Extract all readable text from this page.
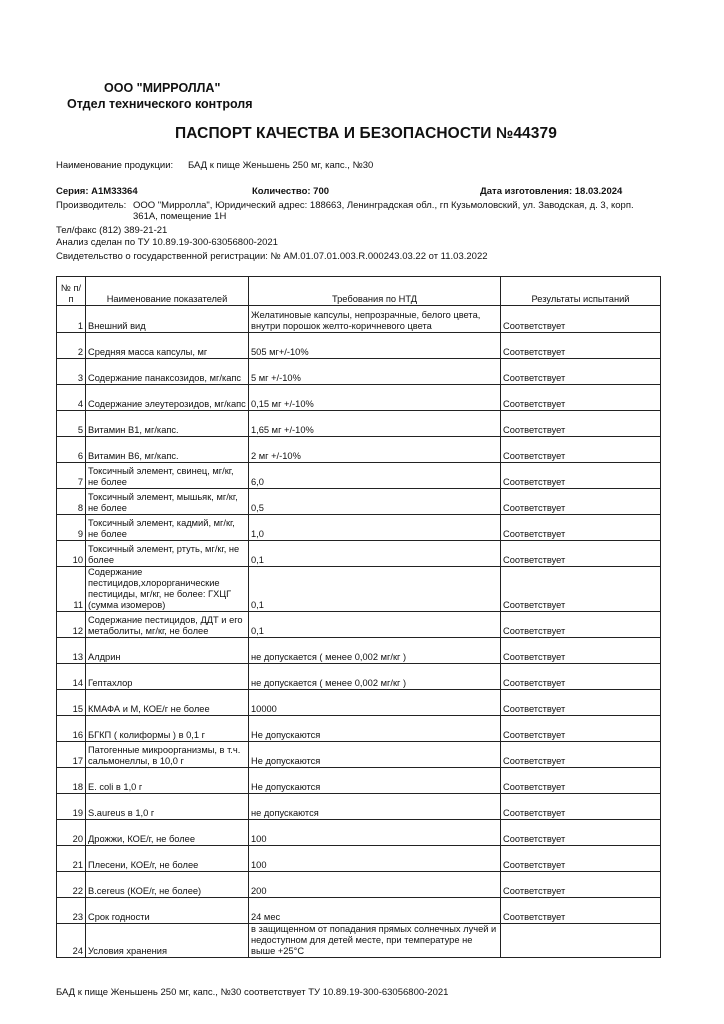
ООО "МИРРОЛЛА"
Отдел технического контроля
ПАСПОРТ КАЧЕСТВА И БЕЗОПАСНОСТИ №44379
Наименование продукции: БАД к пище Женьшень 250 мг, капс., №30
Серия: А1М33364	Количество: 700	Дата изготовления: 18.03.2024
Производитель: ООО "Мирролла", Юридический адрес: 188663, Ленинградская обл., гп Кузьмоловский, ул. Заводская, д. 3, корп.
361А, помещение 1Н
Тел/факс (812) 389-21-21
Анализ сделан по ТУ 10.89.19-300-63056800-2021
Свидетельство о государственной регистрации: № AM.01.07.01.003.R.000243.03.22 от 11.03.2022
№ п/п	Наименование показателей	Требования по НТД	Результаты испытаний
1	Внешний вид	Желатиновые капсулы, непрозрачные, белого цвета, внутри порошок желто-коричневого цвета	Соответствует
2	Средняя масса капсулы, мг	505 мг+/-10%	Соответствует
3	Содержание панаксозидов, мг/капс	5 мг +/-10%	Соответствует
4	Содержание элеутерозидов, мг/капс	0,15 мг +/-10%	Соответствует
5	Витамин В1, мг/капс.	1,65 мг +/-10%	Соответствует
6	Витамин В6, мг/капс.	2 мг +/-10%	Соответствует
7	Токсичный элемент, свинец, мг/кг, не более	6,0	Соответствует
8	Токсичный элемент, мышьяк, мг/кг, не более	0,5	Соответствует
9	Токсичный элемент, кадмий, мг/кг, не более	1,0	Соответствует
10	Токсичный элемент, ртуть, мг/кг, не более	0,1	Соответствует
11	Содержание пестицидов,хлорорганические пестициды, мг/кг, не более: ГХЦГ (сумма изомеров)	0,1	Соответствует
12	Содержание пестицидов, ДДТ и его метаболиты, мг/кг, не более	0,1	Соответствует
13	Алдрин	не допускается ( менее 0,002 мг/кг )	Соответствует
14	Гептахлор	не допускается ( менее 0,002 мг/кг )	Соответствует
15	КМАФА и М, КОЕ/г не более	10000	Соответствует
16	БГКП ( колиформы ) в 0,1 г	Не допускаются	Соответствует
17	Патогенные микроорганизмы, в т.ч. сальмонеллы, в 10,0 г	Не допускаются	Соответствует
18	E. coli в 1,0 г	Не допускаются	Соответствует
19	S.aureus в 1,0 г	не допускаются	Соответствует
20	Дрожжи, КОЕ/г, не более	100	Соответствует
21	Плесени, КОЕ/г, не более	100	Соответствует
22	B.cereus (КОЕ/г, не более)	200	Соответствует
23	Срок годности	24 мес	Соответствует
24	Условия хранения	в защищенном от попадания прямых солнечных лучей и недоступном для детей месте, при температуре не выше +25°С	
БАД к пище Женьшень 250 мг, капс., №30 соответствует ТУ 10.89.19-300-63056800-2021
